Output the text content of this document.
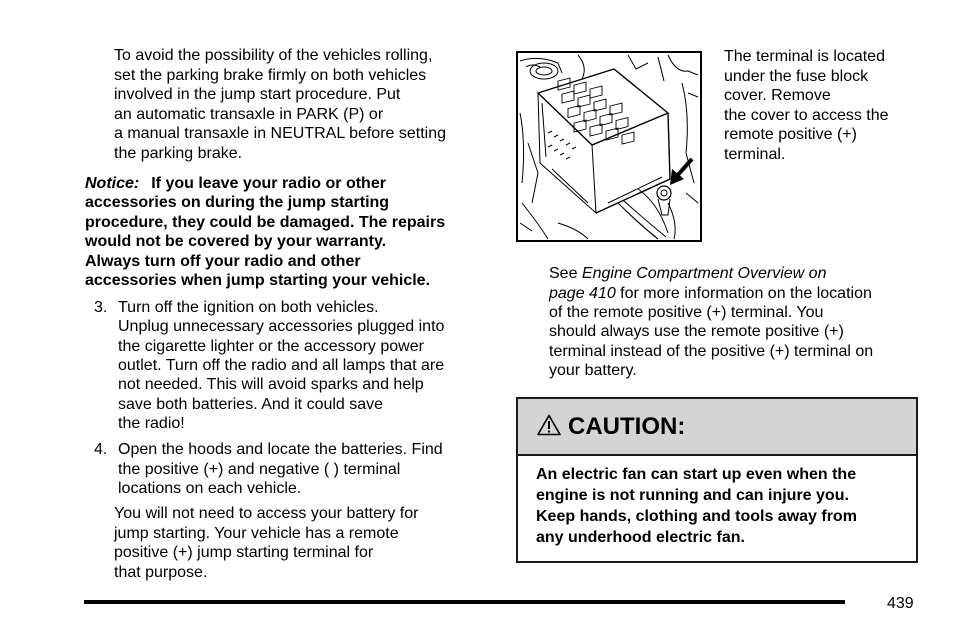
To avoid the possibility of the vehicles rolling,
set the parking brake firmly on both vehicles
involved in the jump start procedure. Put
an automatic transaxle in PARK (P) or
a manual transaxle in NEUTRAL before setting
the parking brake.
Notice: If you leave your radio or other
accessories on during the jump starting
procedure, they could be damaged. The repairs
would not be covered by your warranty.
Always turn off your radio and other
accessories when jump starting your vehicle.
3. Turn off the ignition on both vehicles.
Unplug unnecessary accessories plugged into
the cigarette lighter or the accessory power
outlet. Turn off the radio and all lamps that are
not needed. This will avoid sparks and help
save both batteries. And it could save
the radio!
4. Open the hoods and locate the batteries. Find
the positive (+) and negative ( ) terminal
locations on each vehicle.
You will not need to access your battery for
jump starting. Your vehicle has a remote
positive (+) jump starting terminal for
that purpose.
The terminal is located
under the fuse block
cover. Remove
the cover to access the
remote positive (+)
terminal.
See Engine Compartment Overview on
page 410 for more information on the location
of the remote positive (+) terminal. You
should always use the remote positive (+)
terminal instead of the positive (+) terminal on
your battery.
CAUTION:
An electric fan can start up even when the
engine is not running and can injure you.
Keep hands, clothing and tools away from
any underhood electric fan.
439
